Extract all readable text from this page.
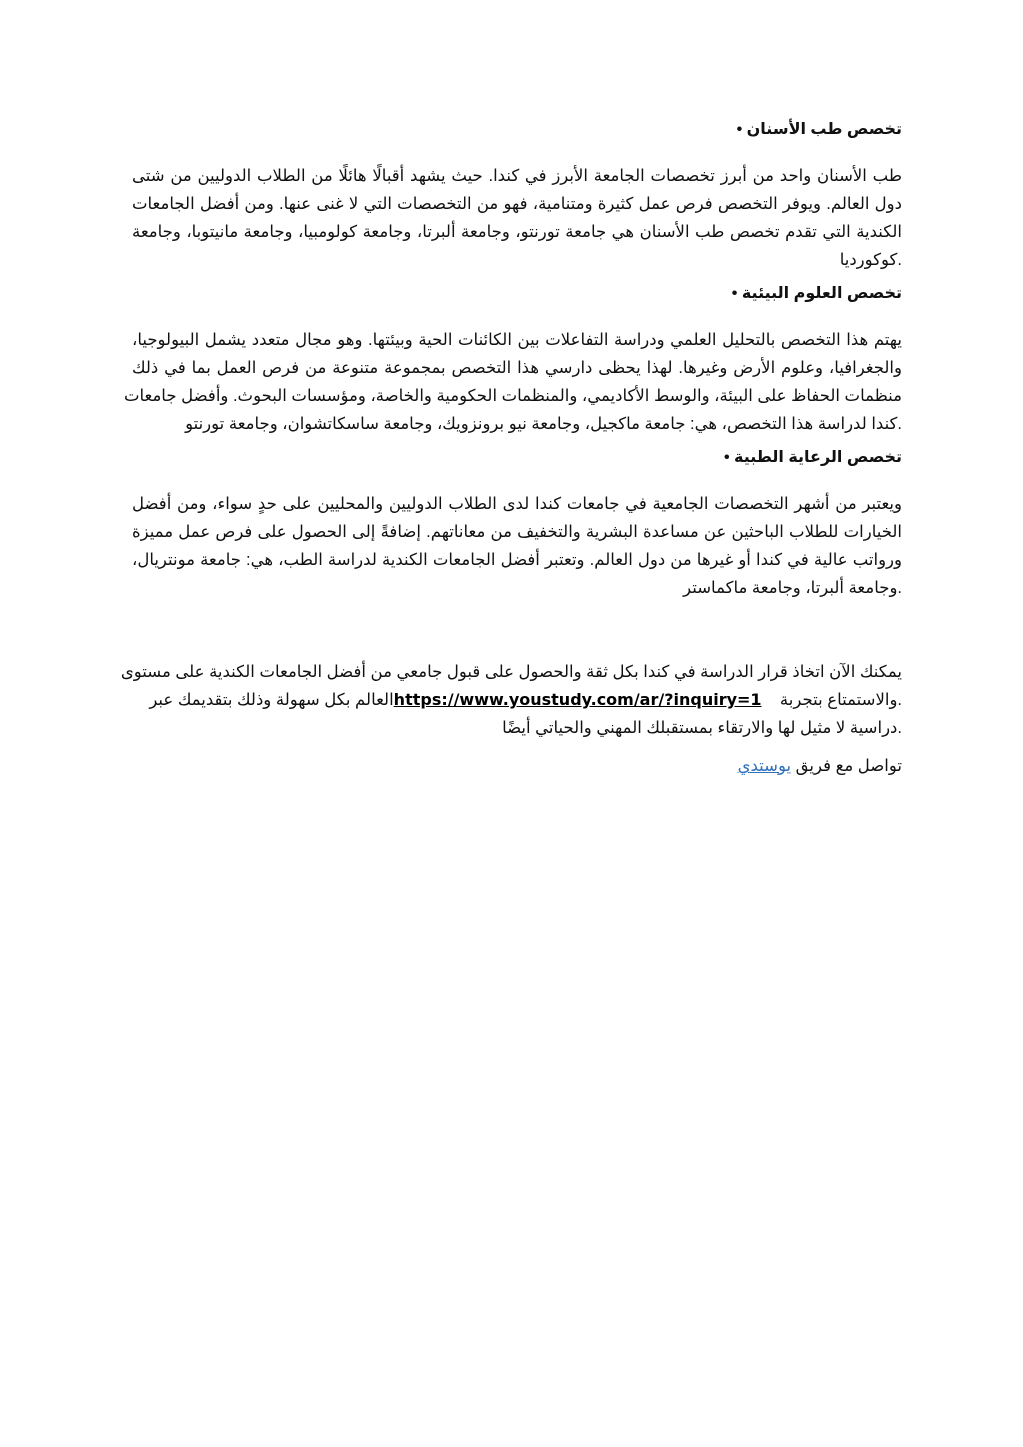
تخصص طب الأسنان •
طب الأسنان واحد من أبرز تخصصات الجامعة الأبرز في كندا. حيث يشهد أقبالًا هائلًا من الطلاب الدوليين من شتى
دول العالم. ويوفر التخصص فرص عمل كثيرة ومتنامية، فهو من التخصصات التي لا غنى عنها. ومن أفضل الجامعات
الكندية التي تقدم تخصص طب الأسنان هي جامعة تورنتو، وجامعة ألبرتا، وجامعة كولومبيا، وجامعة مانيتوبا، وجامعة
.كوكورديا
تخصص العلوم البيئية •
يهتم هذا التخصص بالتحليل العلمي ودراسة التفاعلات بين الكائنات الحية وبيئتها. وهو مجال متعدد يشمل البيولوجيا،
والجغرافيا، وعلوم الأرض وغيرها. لهذا يحظى دارسي هذا التخصص بمجموعة متنوعة من فرص العمل بما في ذلك
منظمات الحفاظ على البيئة، والوسط الأكاديمي، والمنظمات الحكومية والخاصة، ومؤسسات البحوث. وأفضل جامعات
.كندا لدراسة هذا التخصص، هي: جامعة ماكجيل، وجامعة نيو برونزويك، وجامعة ساسكاتشوان، وجامعة تورنتو
تخصص الرعاية الطبية •
ويعتبر من أشهر التخصصات الجامعية في جامعات كندا لدى الطلاب الدوليين والمحليين على حدٍ سواء، ومن أفضل
الخيارات للطلاب الباحثين عن مساعدة البشرية والتخفيف من معاناتهم. إضافةً إلى الحصول على فرص عمل مميزة
ورواتب عالية في كندا أو غيرها من دول العالم. وتعتبر أفضل الجامعات الكندية لدراسة الطب، هي: جامعة مونتريال،
.وجامعة ألبرتا، وجامعة ماكماستر
يمكنك الآن اتخاذ قرار الدراسة في كندا بكل ثقة والحصول على قبول جامعي من أفضل الجامعات الكندية على مستوى
.والاستمتاع بتجربة    https://www.youstudy.com/ar/?inquiry=1العالم بكل سهولة وذلك بتقديمك عبر
.دراسية لا مثيل لها والارتقاء بمستقبلك المهني والحياتي أيضًا

تواصل مع فريق يوستدي
